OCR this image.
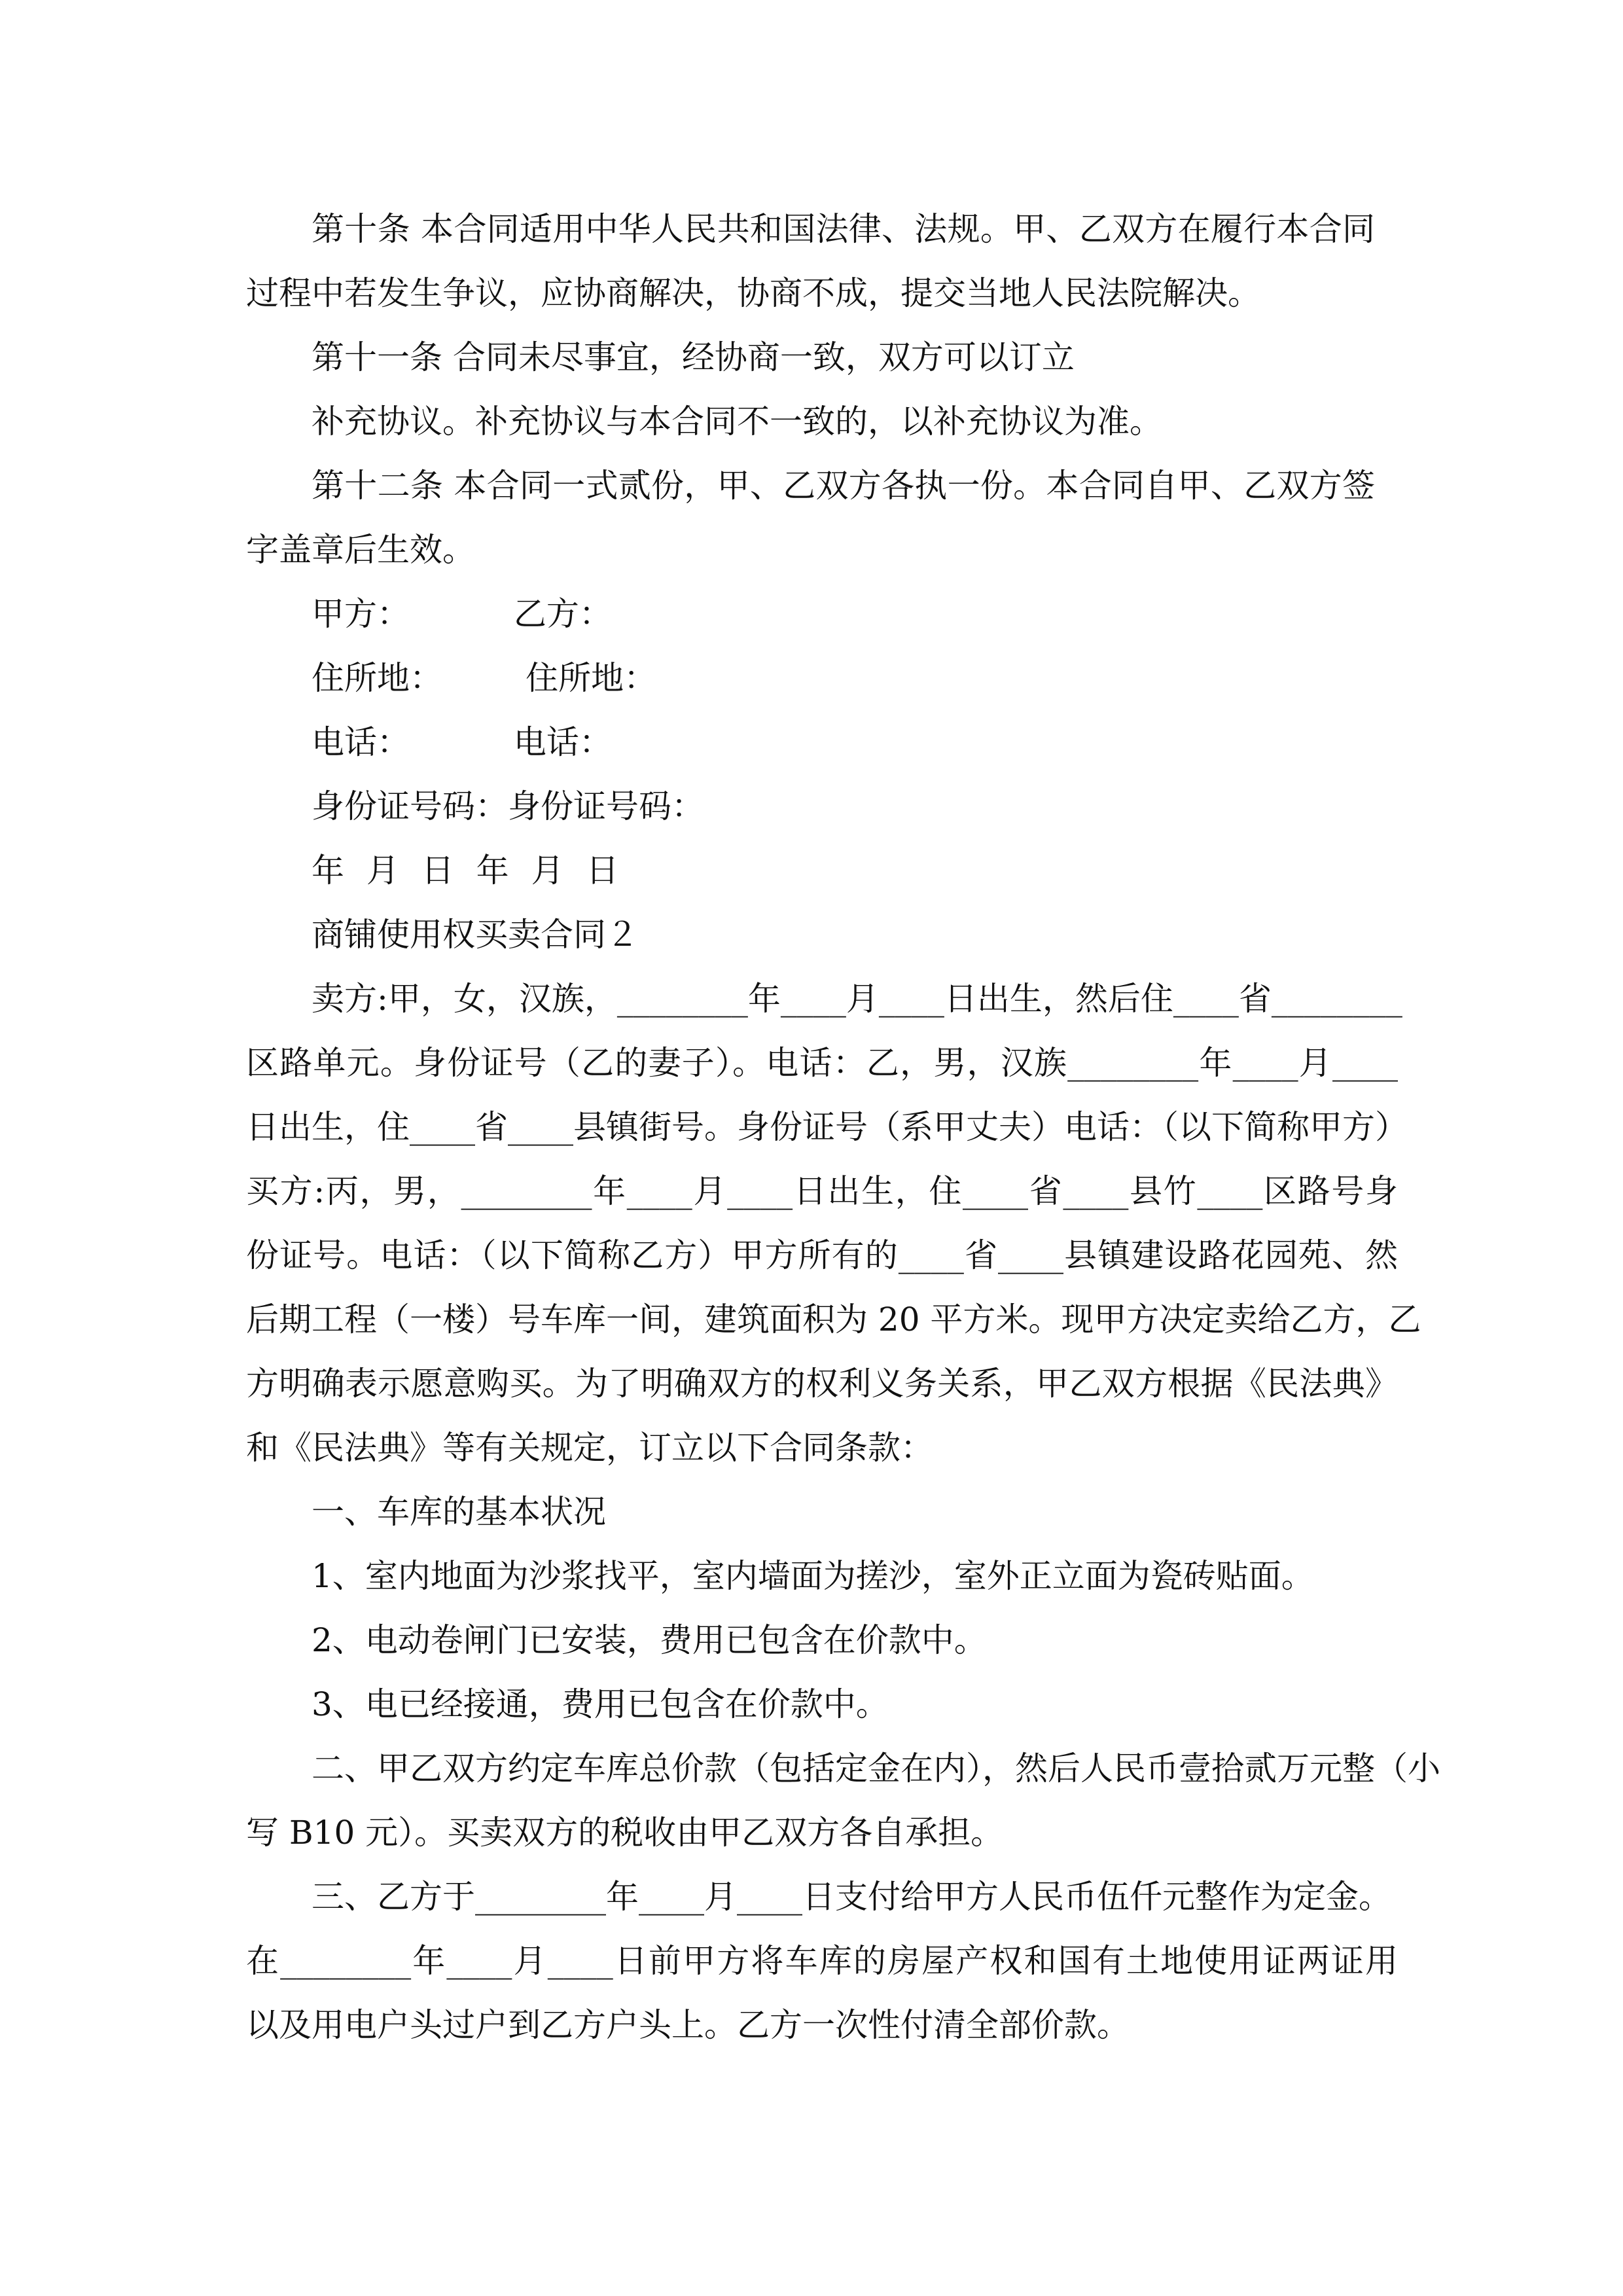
第十条 本合同适用中华人民共和国法律、法规。甲、乙双方在履行本合同

过程中若发生争议，应协商解决，协商不成，提交当地人民法院解决。

第十一条 合同未尽事宜，经协商一致，双方可以订立

补充协议。补充协议与本合同不一致的，以补充协议为准。

第十二条 本合同一式贰份，甲、乙双方各执一份。本合同自甲、乙双方签

字盖章后生效。

甲方：          乙方：

住所地：        住所地：

电话：          电话：

身份证号码：身份证号码：

年 月 日 年 月 日

商铺使用权买卖合同２

卖方:甲，女，汉族，________年____月____日出生，然后住____省________

区路单元。身份证号（乙的妻子）。电话：乙，男，汉族________年____月____

日出生，住____省____县镇街号。身份证号（系甲丈夫）电话：（以下简称甲方）

买方:丙，男，________年____月____日出生，住____省____县竹____区路号身

份证号。电话：（以下简称乙方）甲方所有的____省____县镇建设路花园苑、然

后期工程（一楼）号车库一间，建筑面积为 20 平方米。现甲方决定卖给乙方，乙

方明确表示愿意购买。为了明确双方的权利义务关系，甲乙双方根据《民法典》

和《民法典》等有关规定，订立以下合同条款：

一、车库的基本状况

1、室内地面为沙浆找平，室内墙面为搓沙，室外正立面为瓷砖贴面。

2、电动卷闸门已安装，费用已包含在价款中。

3、电已经接通，费用已包含在价款中。

二、甲乙双方约定车库总价款（包括定金在内），然后人民币壹拾贰万元整（小

写 B10 元）。买卖双方的税收由甲乙双方各自承担。

三、乙方于________年____月____日支付给甲方人民币伍仟元整作为定金。

在________年____月____日前甲方将车库的房屋产权和国有土地使用证两证用

以及用电户头过户到乙方户头上。乙方一次性付清全部价款。
